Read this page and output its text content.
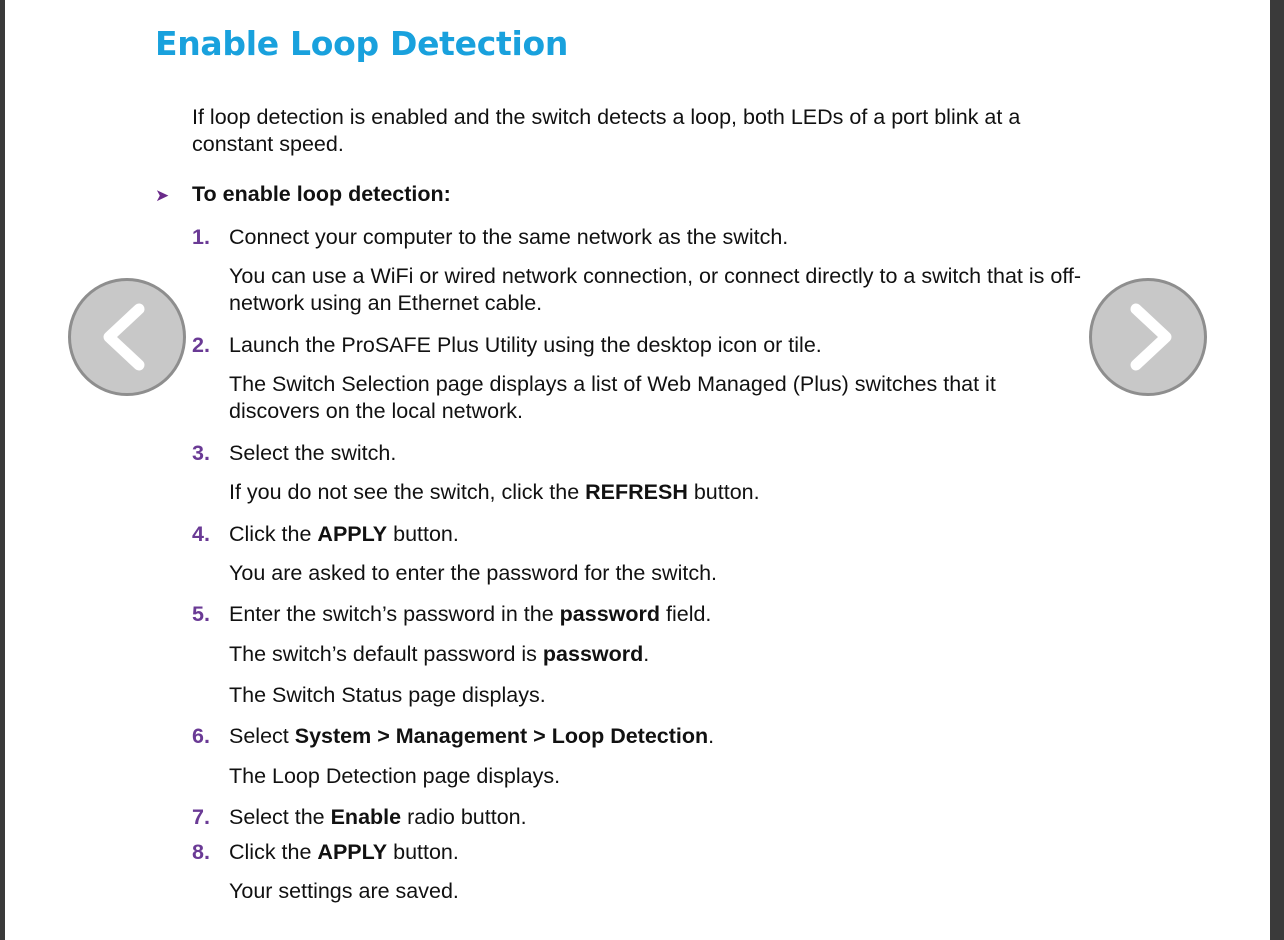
Enable Loop Detection

If loop detection is enabled and the switch detects a loop, both LEDs of a port blink at a constant speed.

➤ To enable loop detection:
1. Connect your computer to the same network as the switch.
You can use a WiFi or wired network connection, or connect directly to a switch that is off-network using an Ethernet cable.
2. Launch the ProSAFE Plus Utility using the desktop icon or tile.
The Switch Selection page displays a list of Web Managed (Plus) switches that it discovers on the local network.
3. Select the switch.
If you do not see the switch, click the REFRESH button.
4. Click the APPLY button.
You are asked to enter the password for the switch.
5. Enter the switch’s password in the password field.
The switch’s default password is password.
The Switch Status page displays.
6. Select System > Management > Loop Detection.
The Loop Detection page displays.
7. Select the Enable radio button.
8. Click the APPLY button.
Your settings are saved.
